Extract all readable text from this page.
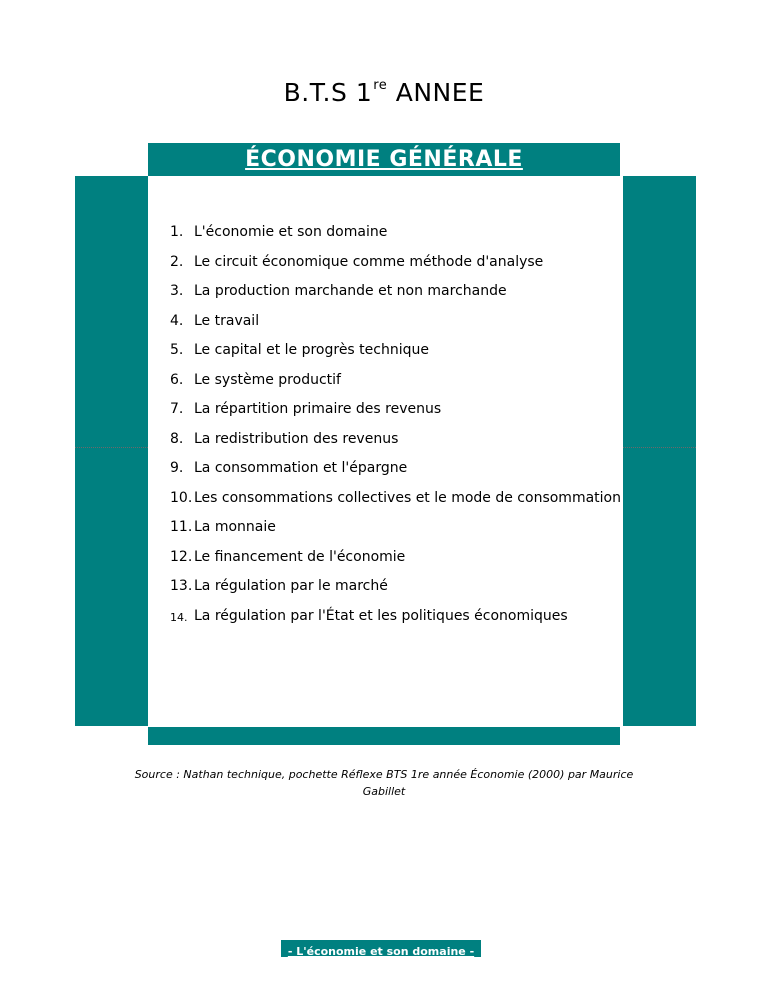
B.T.S 1re ANNEE
ÉCONOMIE GÉNÉRALE
1. L'économie et son domaine
2. Le circuit économique comme méthode d'analyse
3. La production marchande et non marchande
4. Le travail
5. Le capital et le progrès technique
6. Le système productif
7. La répartition primaire des revenus
8. La redistribution des revenus
9. La consommation et l'épargne
10. Les consommations collectives et le mode de consommation
11. La monnaie
12. Le financement de l'économie
13. La régulation par le marché
14. La régulation par l'État et les politiques économiques
Source : Nathan technique, pochette Réflexe BTS 1re année Économie (2000) par Maurice
Gabillet
- L'économie et son domaine -
